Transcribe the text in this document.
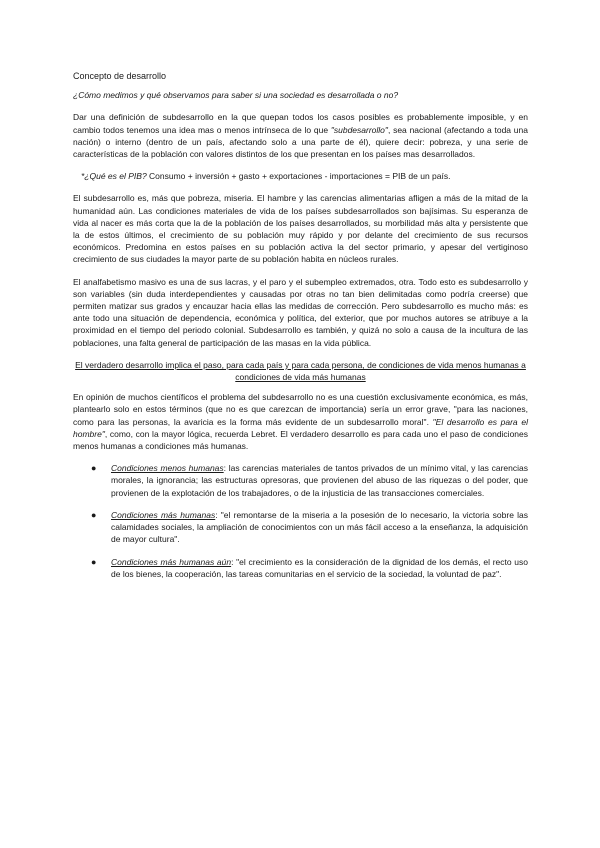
Concepto de desarrollo
¿Cómo medimos y qué observamos para saber si una sociedad es desarrollada o no?

Dar una definición de subdesarrollo en la que quepan todos los casos posibles es probablemente imposible, y en cambio todos tenemos una idea mas o menos intrínseca de lo que "subdesarrollo", sea nacional (afectando a toda una nación) o interno (dentro de un país, afectando solo a una parte de él), quiere decir: pobreza, y una serie de características de la población con valores distintos de los que presentan en los países mas desarrollados.

*¿Qué es el PIB? Consumo + inversión + gasto + exportaciones - importaciones = PIB de un país.

El subdesarrollo es, más que pobreza, miseria. El hambre y las carencias alimentarias afligen a más de la mitad de la humanidad aún. Las condiciones materiales de vida de los países subdesarrollados son bajísimas. Su esperanza de vida al nacer es más corta que la de la población de los países desarrollados, su morbilidad más alta y persistente que la de estos últimos, el crecimiento de su población muy rápido y por delante del crecimiento de sus recursos económicos. Predomina en estos países en su población activa la del sector primario, y apesar del vertiginoso crecimiento de sus ciudades la mayor parte de su población habita en núcleos rurales.

El analfabetismo masivo es una de sus lacras, y el paro y el subempleo extremados, otra. Todo esto es subdesarrollo y son variables (sin duda interdependientes y causadas por otras no tan bien delimitadas como podría creerse) que permiten matizar sus grados y encauzar hacia ellas las medidas de corrección. Pero subdesarrollo es mucho más: es ante todo una situación de dependencia, económica y política, del exterior, que por muchos autores se atribuye a la proximidad en el tiempo del periodo colonial. Subdesarrollo es también, y quizá no solo a causa de la incultura de las poblaciones, una falta general de participación de las masas en la vida pública.

El verdadero desarrollo implica el paso, para cada país y para cada persona, de condiciones de vida menos humanas a condiciones de vida más humanas

En opinión de muchos científicos el problema del subdesarrollo no es una cuestión exclusivamente económica, es más, plantearlo solo en estos términos (que no es que carezcan de importancia) sería un error grave, "para las naciones, como para las personas, la avaricia es la forma más evidente de un subdesarrollo moral". "El desarrollo es para el hombre", como, con la mayor lógica, recuerda Lebret. El verdadero desarrollo es para cada uno el paso de condiciones menos humanas a condiciones más humanas.

● Condiciones menos humanas: las carencias materiales de tantos privados de un mínimo vital, y las carencias morales, la ignorancia; las estructuras opresoras, que provienen del abuso de las riquezas o del poder, que provienen de la explotación de los trabajadores, o de la injusticia de las transacciones comerciales.
● Condiciones más humanas: "el remontarse de la miseria a la posesión de lo necesario, la victoria sobre las calamidades sociales, la ampliación de conocimientos con un más fácil acceso a la enseñanza, la adquisición de mayor cultura".
● Condiciones más humanas aún: "el crecimiento es la consideración de la dignidad de los demás, el recto uso de los bienes, la cooperación, las tareas comunitarias en el servicio de la sociedad, la voluntad de paz".
